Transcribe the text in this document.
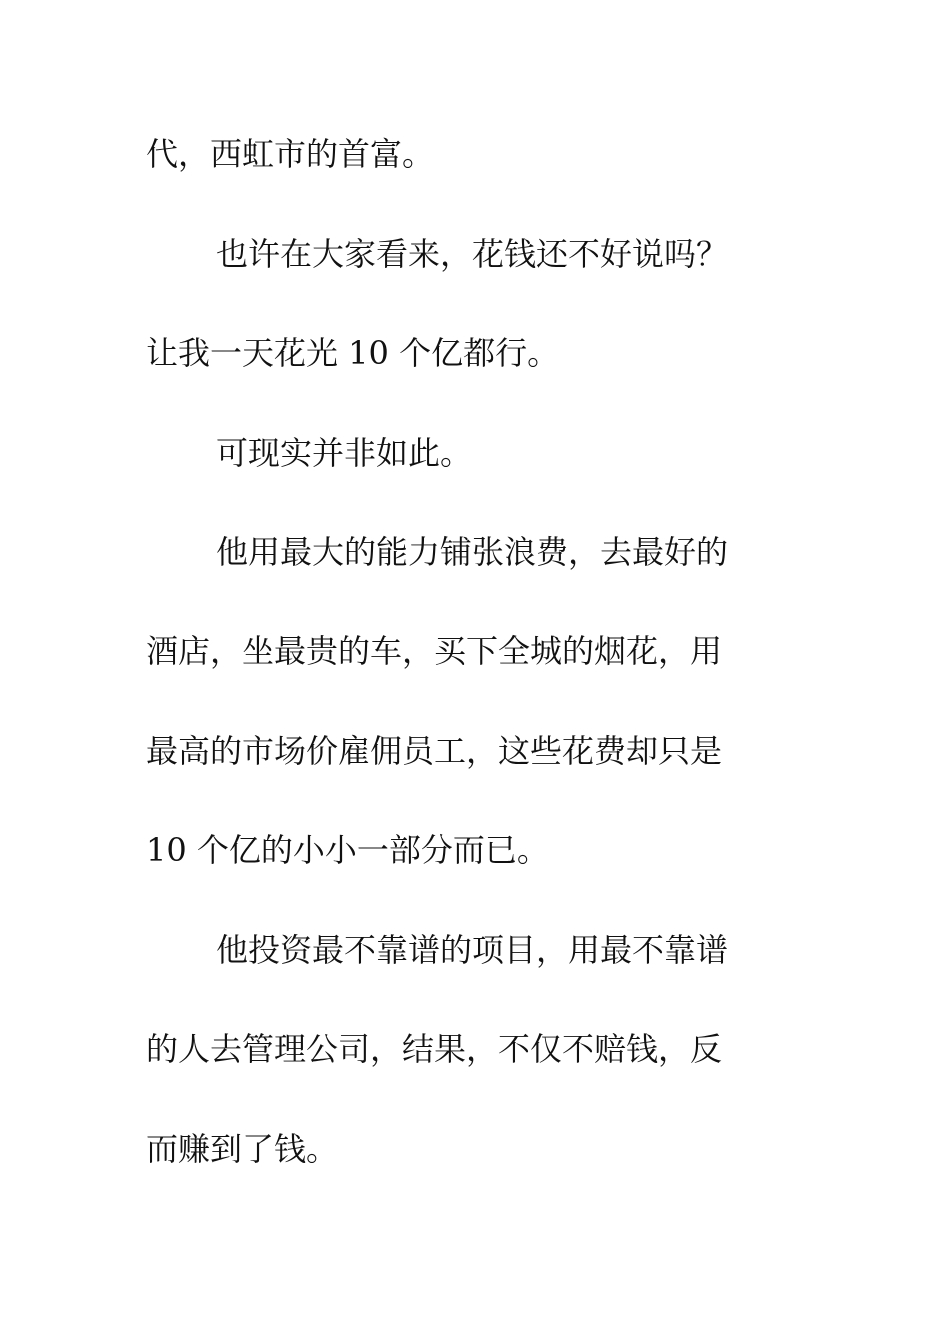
代，西虹市的首富。

也许在大家看来，花钱还不好说吗？

让我一天花光 10 个亿都行。

可现实并非如此。

他用最大的能力铺张浪费，去最好的

酒店，坐最贵的车，买下全城的烟花，用

最高的市场价雇佣员工，这些花费却只是

10 个亿的小小一部分而已。

他投资最不靠谱的项目，用最不靠谱

的人去管理公司，结果，不仅不赔钱，反

而赚到了钱。
